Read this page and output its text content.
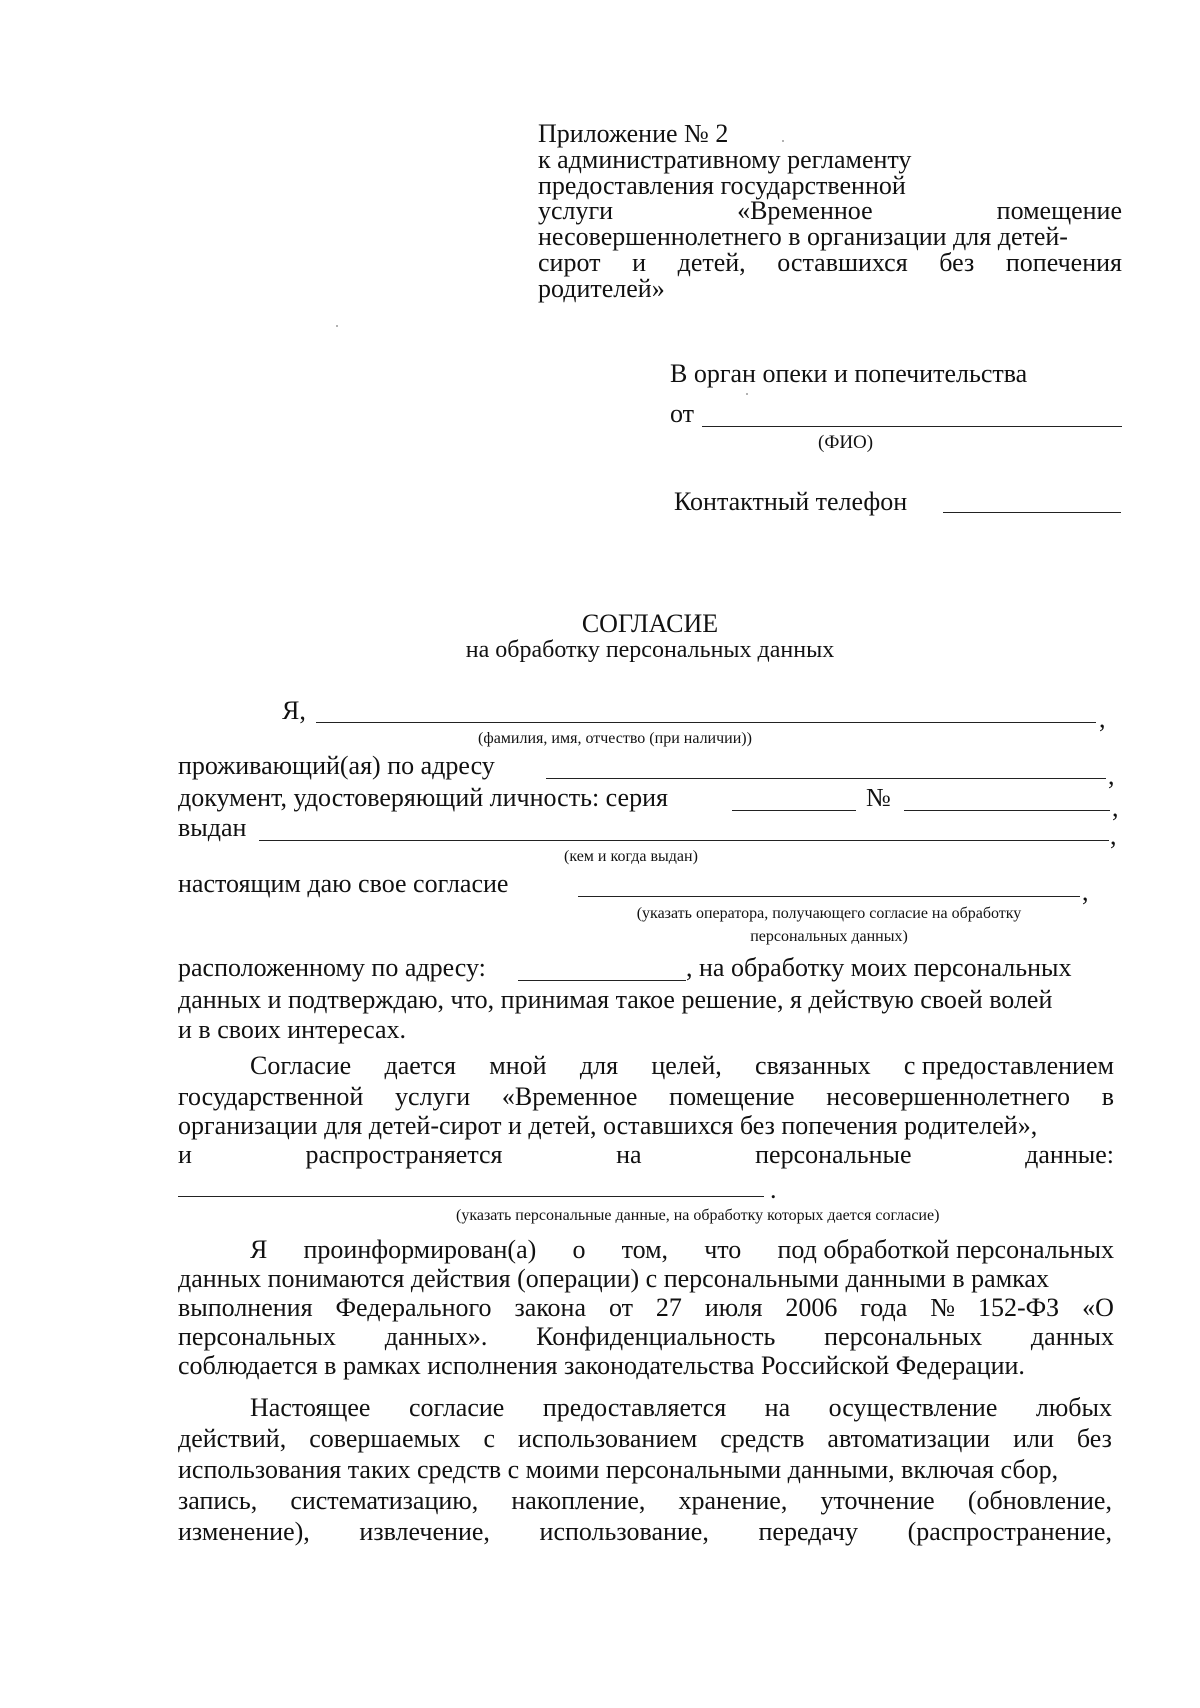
Приложение № 2
к административному регламенту
предоставления государственной
услуги	«Временное	помещение
несовершеннолетнего в организации для детей-
сирот и детей, оставшихся без попечения
родителей»
В орган опеки и попечительства
от
(ФИО)
Контактный телефон
СОГЛАСИЕ
на обработку персональных данных
Я,	,
(фамилия, имя, отчество (при наличии))
проживающий(ая) по адресу	,
документ, удостоверяющий личность: серия	№	,
выдан	,
(кем и когда выдан)
настоящим даю свое согласие	,
(указать оператора, получающего согласие на обработку
персональных данных)
расположенному по адресу:	, на обработку моих персональных
данных и подтверждаю, что, принимая такое решение, я действую своей волей
и в своих интересах.
Согласие дается мной для целей, связанных с предоставлением
государственной услуги «Временное помещение несовершеннолетнего в
организации для детей-сирот и детей, оставшихся без попечения родителей»,
и	распространяется	на	персональные	данные:
.
(указать персональные данные, на обработку которых дается согласие)
Я проинформирован(а) о том, что под обработкой персональных
данных понимаются действия (операции) с персональными данными в рамках
выполнения Федерального закона от 27 июля 2006 года № 152-ФЗ «О
персональных данных». Конфиденциальность персональных данных
соблюдается в рамках исполнения законодательства Российской Федерации.
Настоящее согласие предоставляется на осуществление любых
действий, совершаемых с использованием средств автоматизации или без
использования таких средств с моими персональными данными, включая сбор,
запись, систематизацию, накопление, хранение, уточнение (обновление,
изменение), извлечение, использование, передачу (распространение,
